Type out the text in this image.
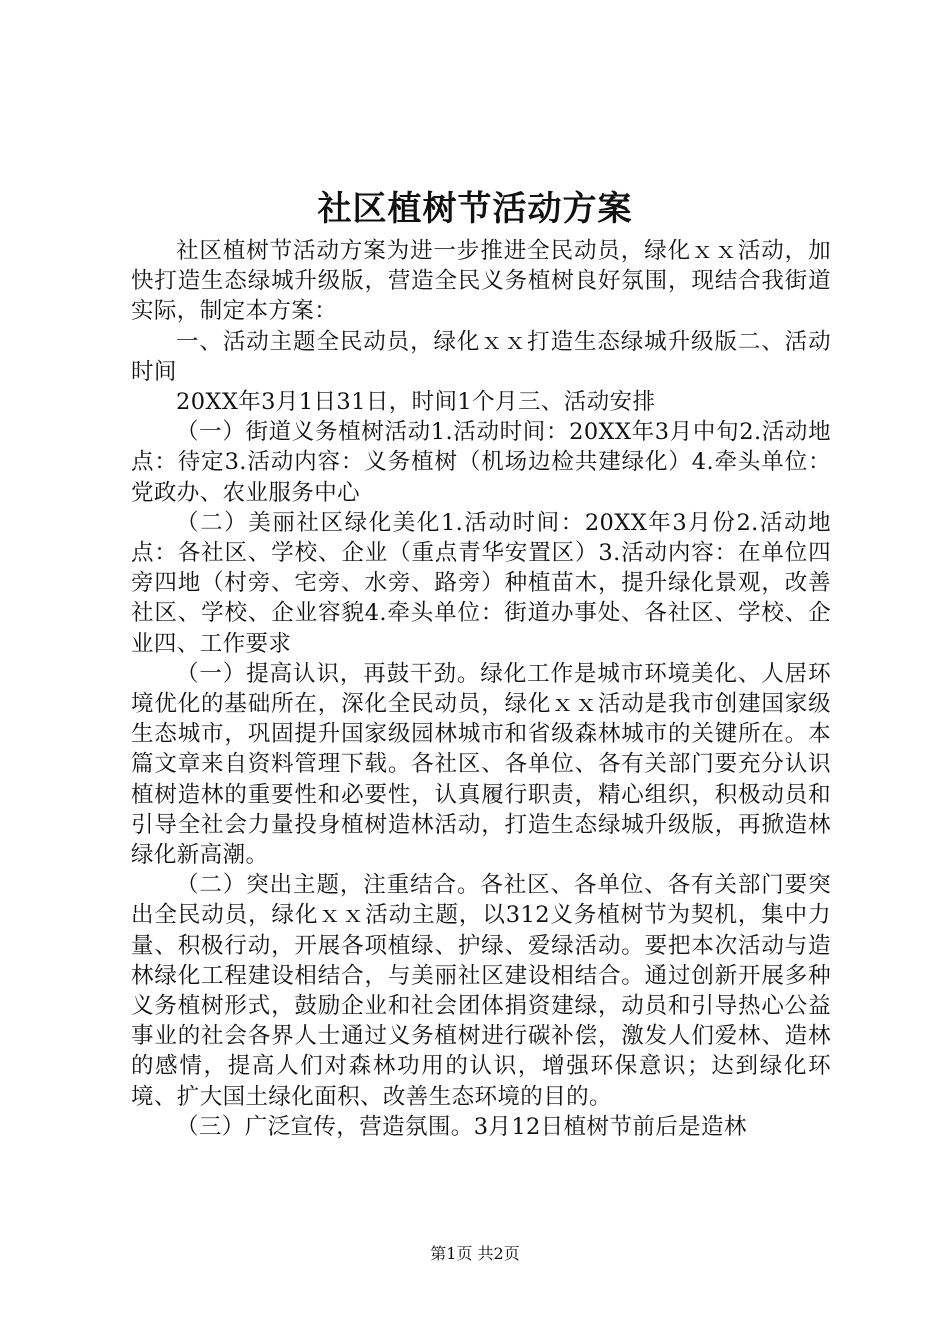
社区植树节活动方案

社区植树节活动方案为进一步推进全民动员，绿化ｘｘ活动，加快打造生态绿城升级版，营造全民义务植树良好氛围，现结合我街道实际，制定本方案：

一、活动主题全民动员，绿化ｘｘ打造生态绿城升级版二、活动时间

20XX年3月1日31日，时间1个月三、活动安排

（一）街道义务植树活动1.活动时间：20XX年3月中旬2.活动地点：待定3.活动内容：义务植树（机场边检共建绿化）4.牵头单位：党政办、农业服务中心

（二）美丽社区绿化美化1.活动时间：20XX年3月份2.活动地点：各社区、学校、企业（重点青华安置区）3.活动内容：在单位四旁四地（村旁、宅旁、水旁、路旁）种植苗木，提升绿化景观，改善社区、学校、企业容貌4.牵头单位：街道办事处、各社区、学校、企业四、工作要求

（一）提高认识，再鼓干劲。绿化工作是城市环境美化、人居环境优化的基础所在，深化全民动员，绿化ｘｘ活动是我市创建国家级生态城市，巩固提升国家级园林城市和省级森林城市的关键所在。本篇文章来自资料管理下载。各社区、各单位、各有关部门要充分认识植树造林的重要性和必要性，认真履行职责，精心组织，积极动员和引导全社会力量投身植树造林活动，打造生态绿城升级版，再掀造林绿化新高潮。

（二）突出主题，注重结合。各社区、各单位、各有关部门要突出全民动员，绿化ｘｘ活动主题，以312义务植树节为契机，集中力量、积极行动，开展各项植绿、护绿、爱绿活动。要把本次活动与造林绿化工程建设相结合，与美丽社区建设相结合。通过创新开展多种义务植树形式，鼓励企业和社会团体捐资建绿，动员和引导热心公益事业的社会各界人士通过义务植树进行碳补偿，激发人们爱林、造林的感情，提高人们对森林功用的认识，增强环保意识；达到绿化环境、扩大国土绿化面积、改善生态环境的目的。

（三）广泛宣传，营造氛围。3月12日植树节前后是造林

第1页 共2页
